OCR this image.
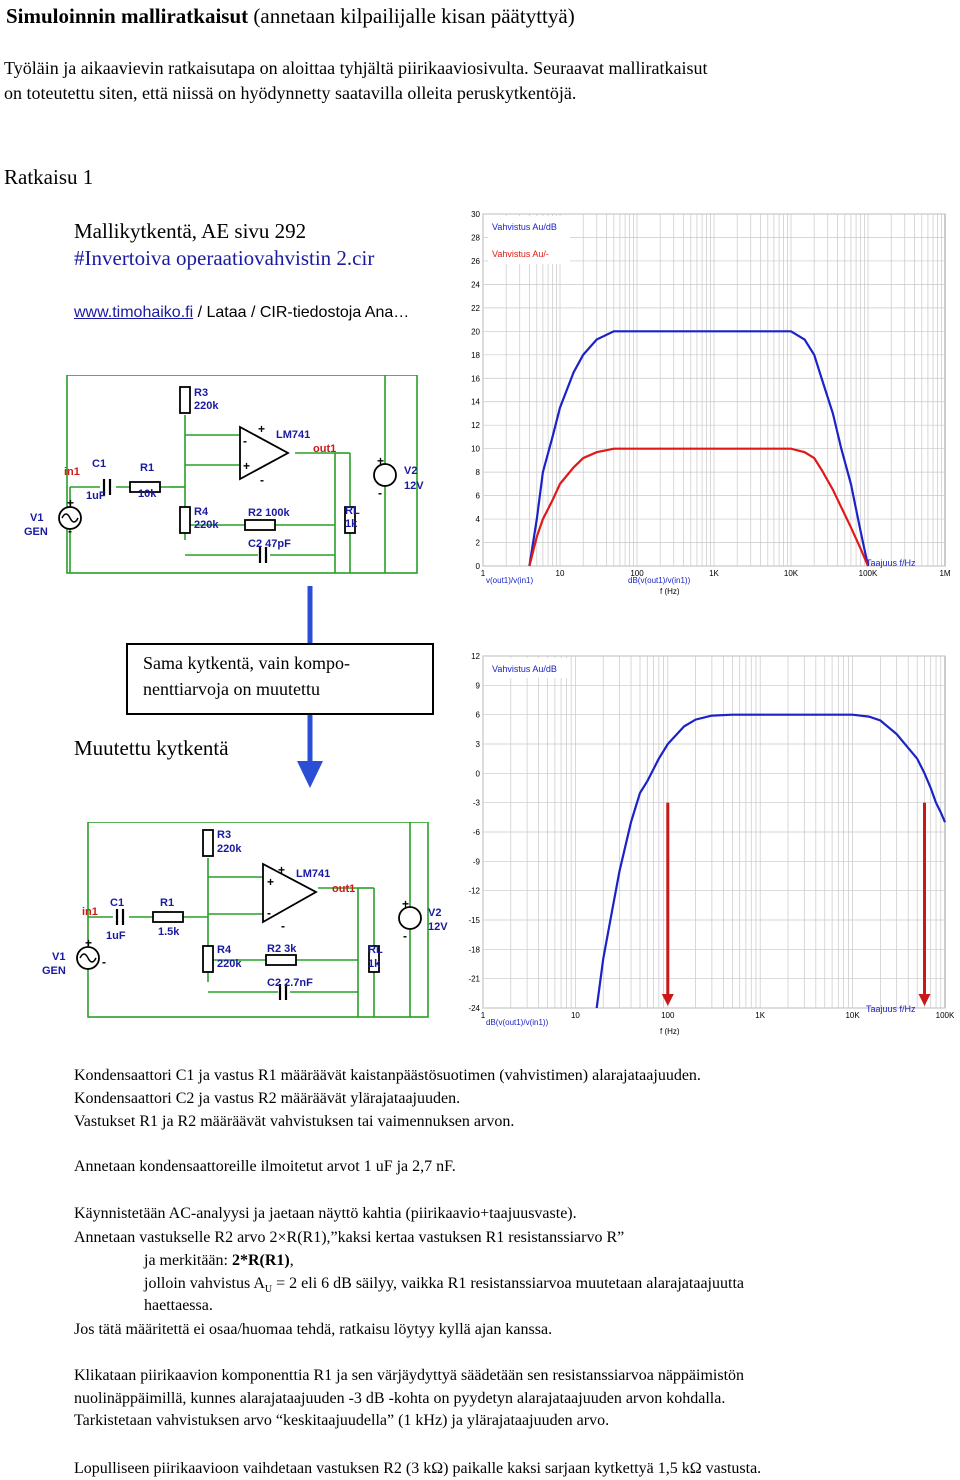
Simuloinnin malliratkaisut (annetaan kilpailijalle kisan päätyttyä)
Työläin ja aikaavievin ratkaisutapa on aloittaa tyhjältä piirikaaviosivulta. Seuraavat malliratkaisut
on toteutettu siten, että niissä on hyödynnetty saatavilla olleita peruskytkentöjä.
Ratkaisu 1
Mallikytkentä, AE sivu 292
#Invertoiva operaatiovahvistin 2.cir
www.timohaiko.fi / Lataa / CIR-tiedostoja Ana…
R3
220k
R4
220k
R1
10k
C1
1uF
R2 100k
C2 47pF
RL
1k
V2
12V
V1
GEN
LM741
in1
out1
-
+
+
-
+
-
+
-
0
2
4
6
8
10
12
14
16
18
20
22
24
26
28
30
1	10	100	1K	10K	100K	1M
Vahvistus Au/dB
Vahvistus Au/-
Taajuus f/Hz
v(out1)/v(in1)	dB(v(out1)/v(in1))
f (Hz)
Sama kytkentä, vain kompo-
nenttiarvoja on muutettu
Muutettu kytkentä
R3
220k
R4
220k
R1
1.5k
C1
1uF
R2 3k
C2 2.7nF
RL
1k
V2
12V
V1
GEN
LM741
in1
out1
+
-
+
-
+
-
+
-
-24
-21
-18
-15
-12
-9
-6
-3
0
3
6
9
12
1	10	100	1K	10K	100K
Vahvistus Au/dB
Taajuus f/Hz
dB(v(out1)/v(in1))
f (Hz)
Kondensaattori C1 ja vastus R1 määräävät kaistanpäästösuotimen (vahvistimen) alarajataajuuden.
Kondensaattori C2 ja vastus R2 määräävät ylärajataajuuden.
Vastukset R1 ja R2 määräävät vahvistuksen tai vaimennuksen arvon.
Annetaan kondensaattoreille ilmoitetut arvot 1 uF ja 2,7 nF.
Käynnistetään AC-analyysi ja jaetaan näyttö kahtia (piirikaavio+taajuusvaste).
Annetaan vastukselle R2 arvo 2×R(R1),”kaksi kertaa vastuksen R1 resistanssiarvo R”
ja merkitään: 2*R(R1),
jolloin vahvistus $A_U = 2$ eli 6 dB säilyy, vaikka R1 resistanssiarvoa muutetaan alarajataajuutta
haettaessa.
Jos tätä määritettä ei osaa/huomaa tehdä, ratkaisu löytyy kyllä ajan kanssa.
Klikataan piirikaavion komponenttia R1 ja sen värjäydyttyä säädetään sen resistanssiarvoa näppäimistön
nuolinäppäimillä, kunnes alarajataajuuden -3 dB -kohta on pyydetyn alarajataajuuden arvon kohdalla.
Tarkistetaan vahvistuksen arvo “keskitaajuudella” (1 kHz) ja ylärajataajuuden arvo.
Lopulliseen piirikaavioon vaihdetaan vastuksen R2 (3 kΩ) paikalle kaksi sarjaan kytkettyä 1,5 kΩ vastusta.
